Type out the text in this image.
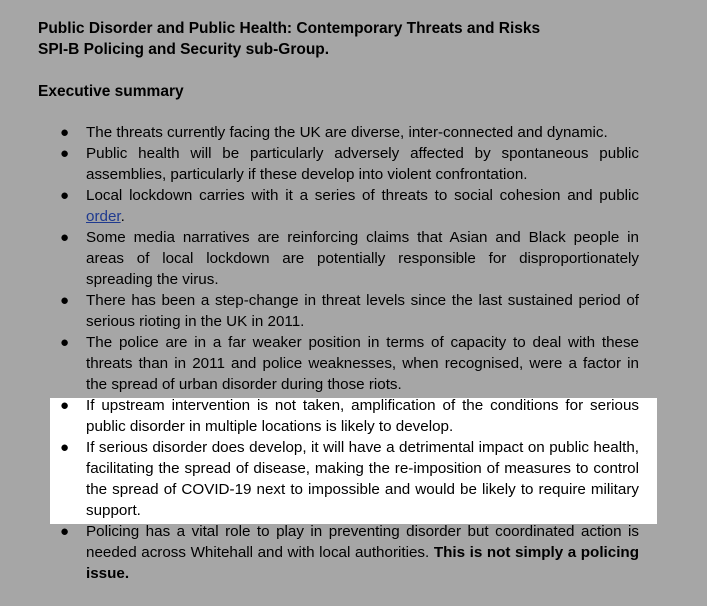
Public Disorder and Public Health: Contemporary Threats and Risks
SPI-B Policing and Security sub-Group.
Executive summary
● The threats currently facing the UK are diverse, inter-connected and dynamic.
● Public health will be particularly adversely affected by spontaneous public assemblies, particularly if these develop into violent confrontation.
● Local lockdown carries with it a series of threats to social cohesion and public order.
● Some media narratives are reinforcing claims that Asian and Black people in areas of local lockdown are potentially responsible for disproportionately spreading the virus.
● There has been a step-change in threat levels since the last sustained period of serious rioting in the UK in 2011.
● The police are in a far weaker position in terms of capacity to deal with these threats than in 2011 and police weaknesses, when recognised, were a factor in the spread of urban disorder during those riots.
● If upstream intervention is not taken, amplification of the conditions for serious public disorder in multiple locations is likely to develop.
● If serious disorder does develop, it will have a detrimental impact on public health, facilitating the spread of disease, making the re-imposition of measures to control the spread of COVID-19 next to impossible and would be likely to require military support.
● Policing has a vital role to play in preventing disorder but coordinated action is needed across Whitehall and with local authorities. This is not simply a policing issue.
